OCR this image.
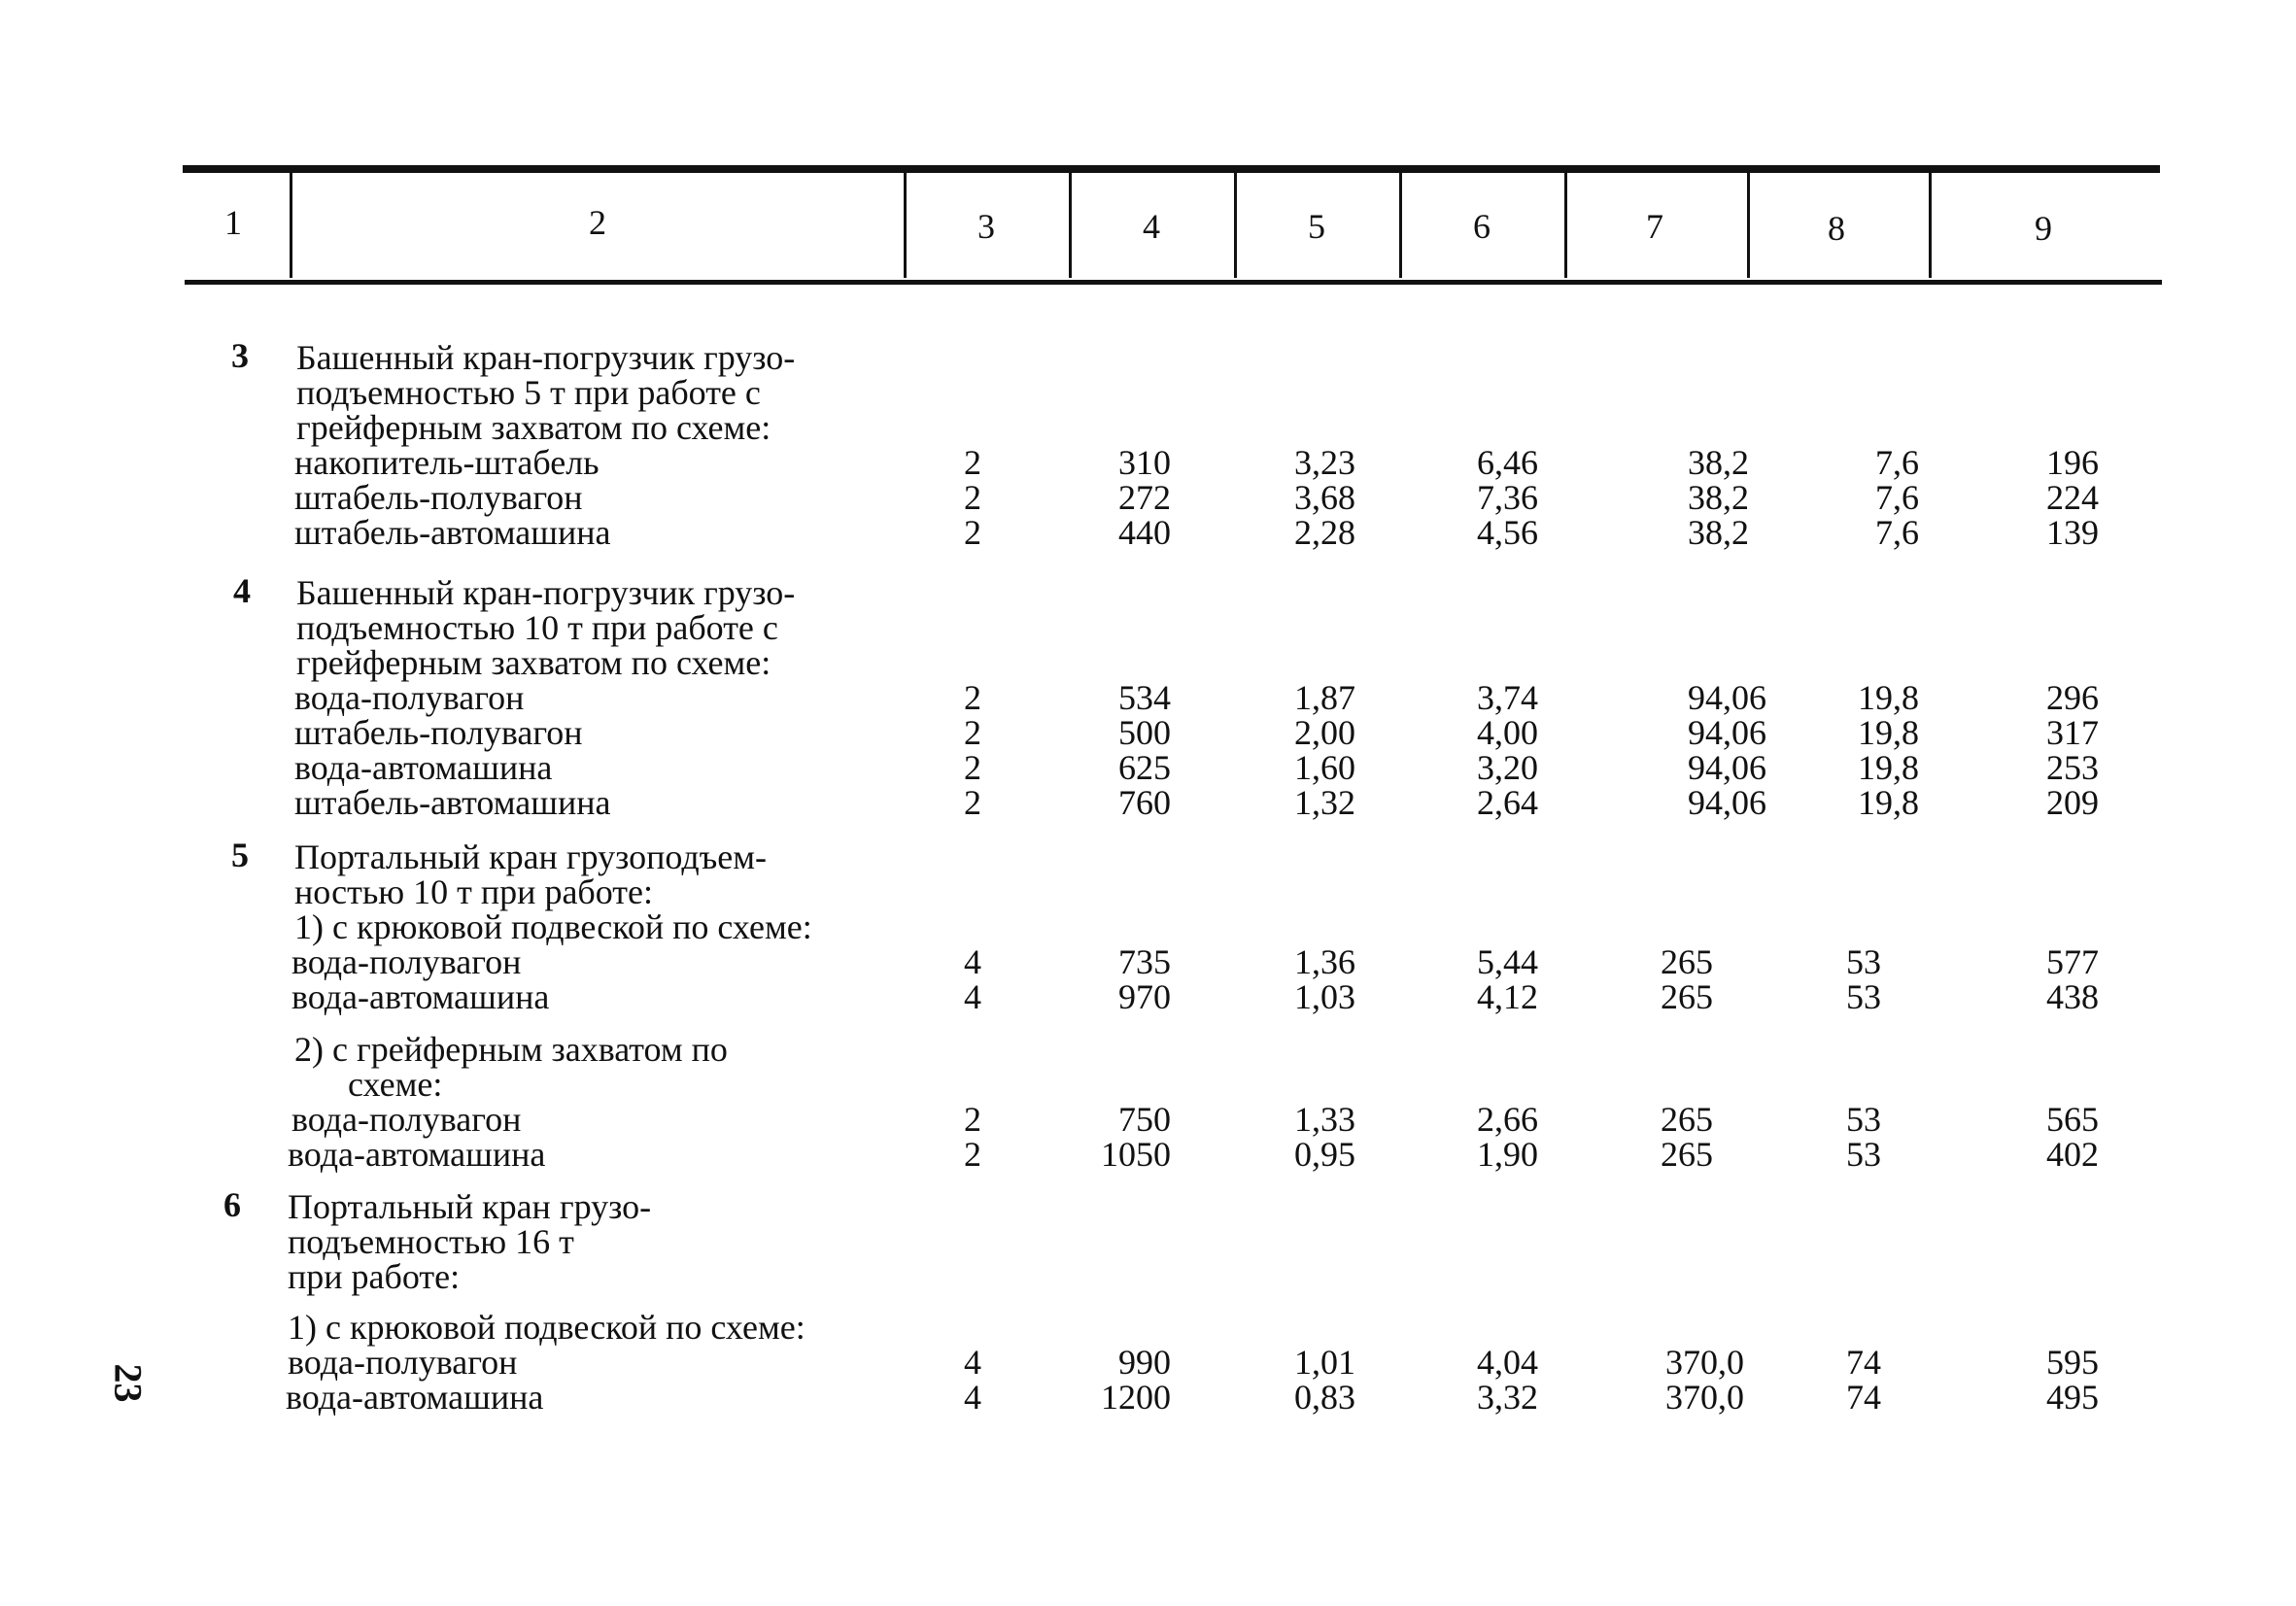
1	2	3	4	5	6	7	8	9
3 Башенный кран-погрузчик грузо-
подъемностью 5 т при работе с
грейферным захватом по схеме:
накопитель-штабель	2	310	3,23	6,46	38,2	7,6	196
штабель-полувагон	2	272	3,68	7,36	38,2	7,6	224
штабель-автомашина	2	440	2,28	4,56	38,2	7,6	139
4 Башенный кран-погрузчик грузо-
подъемностью 10 т при работе с
грейферным захватом по схеме:
вода-полувагон	2	534	1,87	3,74	94,06	19,8	296
штабель-полувагон	2	500	2,00	4,00	94,06	19,8	317
вода-автомашина	2	625	1,60	3,20	94,06	19,8	253
штабель-автомашина	2	760	1,32	2,64	94,06	19,8	209
5 Портальный кран грузоподъем-
ностью 10 т при работе:
1) с крюковой подвеской по схеме:
вода-полувагон	4	735	1,36	5,44	265	53	577
вода-автомашина	4	970	1,03	4,12	265	53	438
2) с грейферным захватом по
схеме:
вода-полувагон	2	750	1,33	2,66	265	53	565
вода-автомашина	2	1050	0,95	1,90	265	53	402
6 Портальный кран грузо-
подъемностью 16 т
при работе:
1) с крюковой подвеской по схеме:
вода-полувагон	4	990	1,01	4,04	370,0	74	595
вода-автомашина	4	1200	0,83	3,32	370,0	74	495
23
